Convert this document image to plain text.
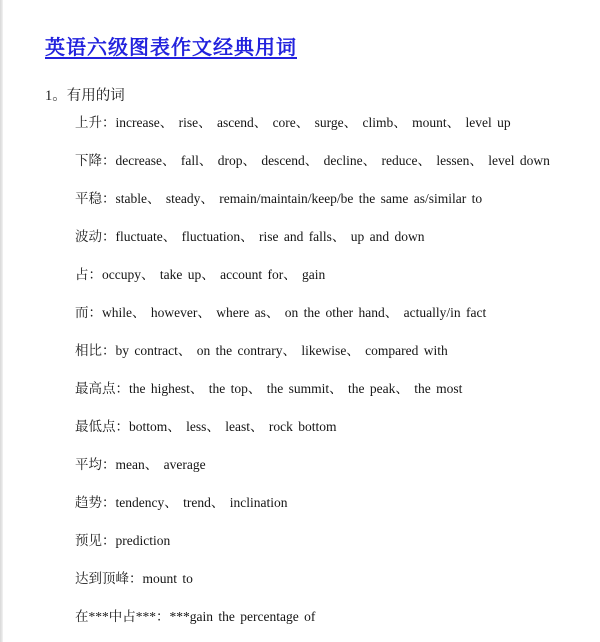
英语六级图表作文经典用词
1。有用的词
上升：increase、 rise、 ascend、 core、 surge、 climb、 mount、 level up
下降：decrease、 fall、 drop、 descend、 decline、 reduce、 lessen、 level down
平稳：stable、 steady、 remain/maintain/keep/be the same as/similar to
波动：fluctuate、 fluctuation、 rise and falls、 up and down
占：occupy、 take up、 account for、 gain
而：while、 however、 where as、 on the other hand、 actually/in fact
相比：by contract、 on the contrary、 likewise、 compared with
最高点：the highest、 the top、 the summit、 the peak、 the most
最低点：bottom、 less、 least、 rock bottom
平均：mean、 average
趋势：tendency、 trend、 inclination
预见：prediction
达到顶峰：mount to
在***中占***：***gain the percentage of
